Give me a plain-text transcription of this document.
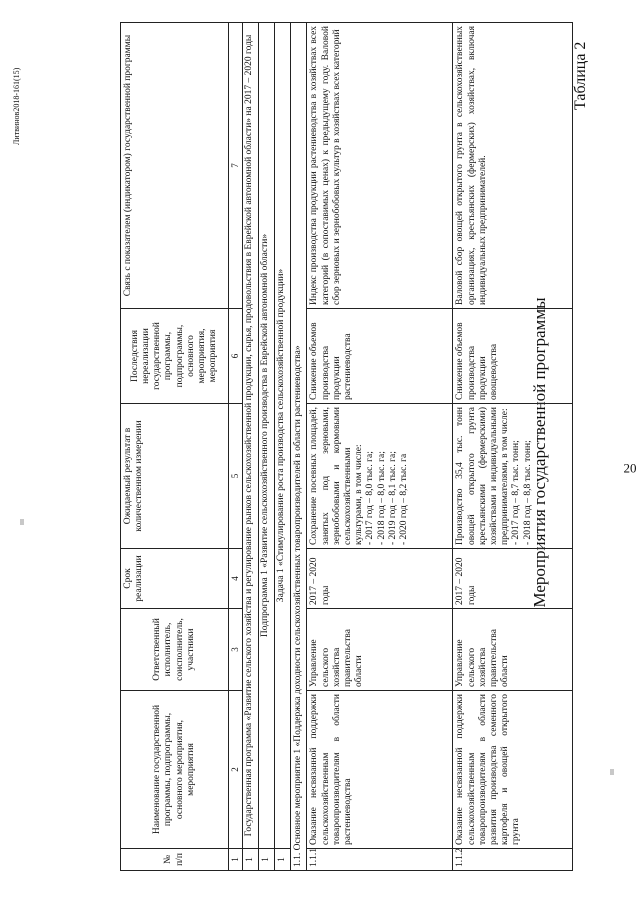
20
Таблица 2
Мероприятия государственной программы
Литвинов2018-161(15)
№ п/п	Наименование государственной программы, подпрограммы, основного мероприятия, мероприятия	Ответственный исполнитель, соисполнитель, участники	Срок реализации	Ожидаемый результат в количественном измерении	Последствия нереализации государственной программы, подпрограммы, основного мероприятия, мероприятия	Связь с показателем (индикатором) государственной программы
1	2	3	4	5	6	7
1	Государственная программа «Развитие сельского хозяйства и регулирование рынков сельскохозяйственной продукции, сырья, продовольствия в Еврейской автономной области» на 2017 – 2020 годы					
1	Подпрограмма 1 «Развитие сельскохозяйственного производства в Еврейской автономной области»					
1	Задача 1 «Стимулирование роста производства сельскохозяйственной продукции»					
1.1. Основное мероприятие 1 «Поддержка доходности сельскохозяйственных товаропроизводителей в области растениеводства»						
1.1.1	Оказание несвязанной поддержки сельскохозяйственным товаропроизводителям в области растениеводства	Управление сельского хозяйства правительства области	2017 – 2020 годы	Сохранение посевных площадей, занятых под зерновыми, зернобобовыми и кормовыми сельскохозяйственными культурами, в том числе: - 2017 год – 8,0 тыс. га; - 2018 год – 8,0 тыс. га; - 2019 год – 8,1 тыс. га; - 2020 год – 8,2 тыс. га	Снижение объемов производства продукции растениеводства	Индекс производства продукции растениеводства в хозяйствах всех категорий (в сопоставимых ценах) к предыдущему году. Валовой сбор зерновых и зернобобовых культур в хозяйствах всех категорий
1.1.2	Оказание несвязанной поддержки сельскохозяйственным товаропроизводителям в области развития производства семенного картофеля и овощей открытого грунта	Управление сельского хозяйства правительства области	2017 – 2020 годы	Производство 35,4 тыс. тонн овощей открытого грунта крестьянскими (фермерскими) хозяйствами и индивидуальными предпринимателями, в том числе: - 2017 год – 8,7 тыс. тонн; - 2018 год – 8,8 тыс. тонн;	Снижение объемов производства продукции овощеводства	Валовой сбор овощей открытого грунта в сельскохозяйственных организациях, крестьянских (фермерских) хозяйствах, включая индивидуальных предпринимателей.
